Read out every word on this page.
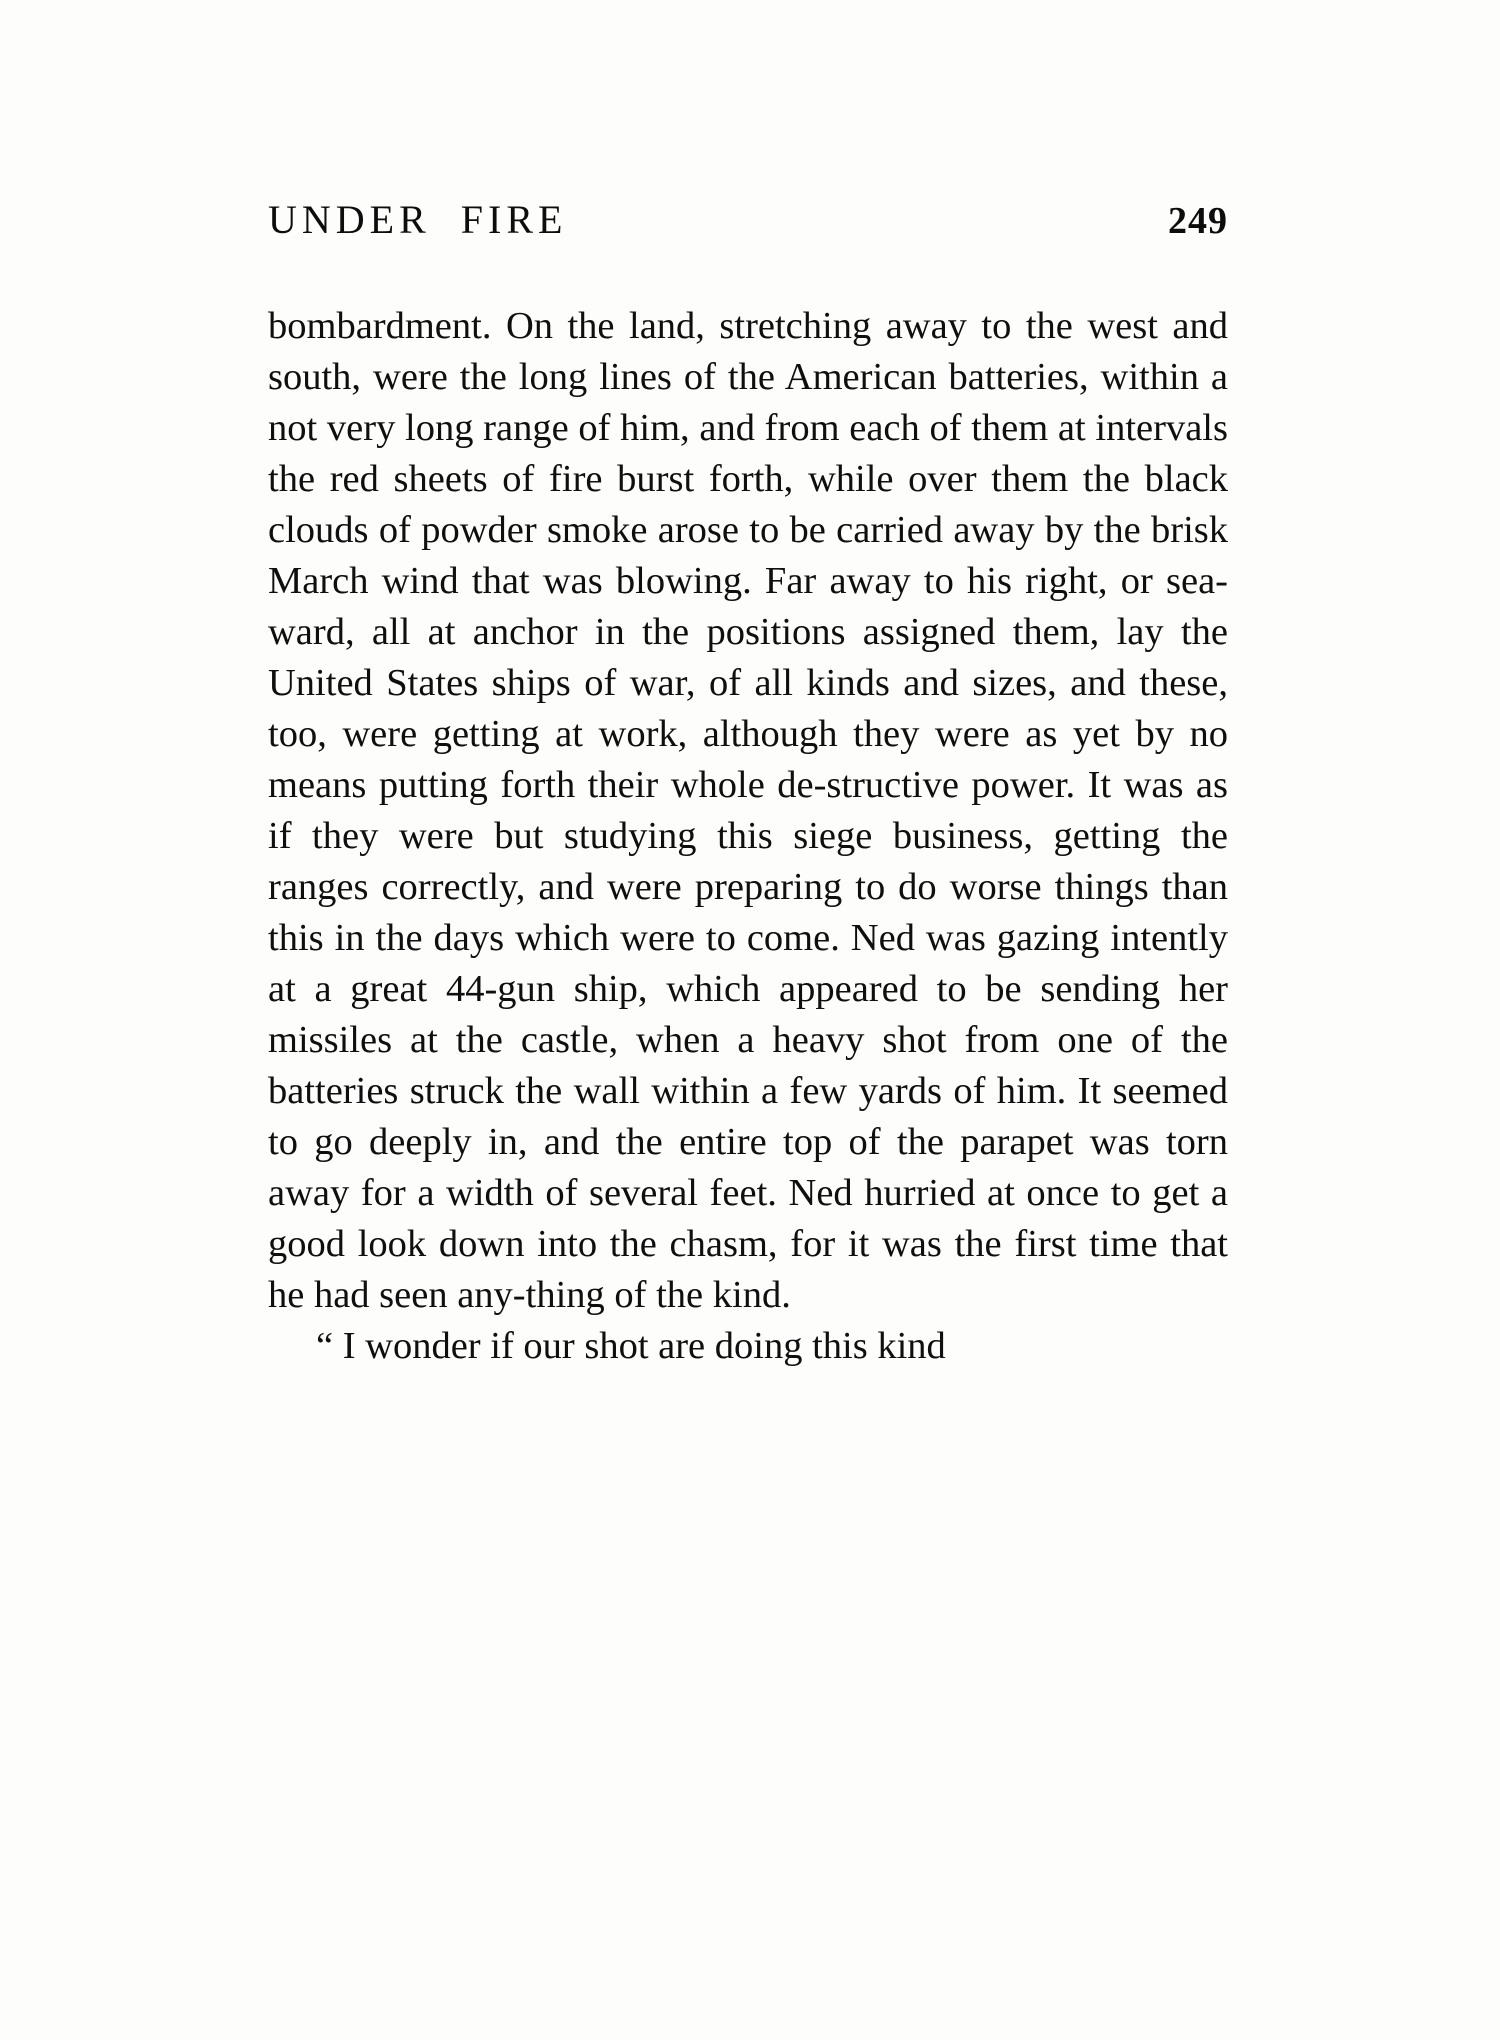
UNDER  FIRE	249

bombardment. On the land, stretching away to the west and south, were the long lines of the American batteries, within a not very long range of him, and from each of them at intervals the red sheets of fire burst forth, while over them the black clouds of powder smoke arose to be carried away by the brisk March wind that was blowing. Far away to his right, or sea-ward, all at anchor in the positions assigned them, lay the United States ships of war, of all kinds and sizes, and these, too, were getting at work, although they were as yet by no means putting forth their whole de-structive power. It was as if they were but studying this siege business, getting the ranges correctly, and were preparing to do worse things than this in the days which were to come. Ned was gazing intently at a great 44-gun ship, which appeared to be sending her missiles at the castle, when a heavy shot from one of the batteries struck the wall within a few yards of him. It seemed to go deeply in, and the entire top of the parapet was torn away for a width of several feet. Ned hurried at once to get a good look down into the chasm, for it was the first time that he had seen any-thing of the kind.

“ I wonder if our shot are doing this kind
